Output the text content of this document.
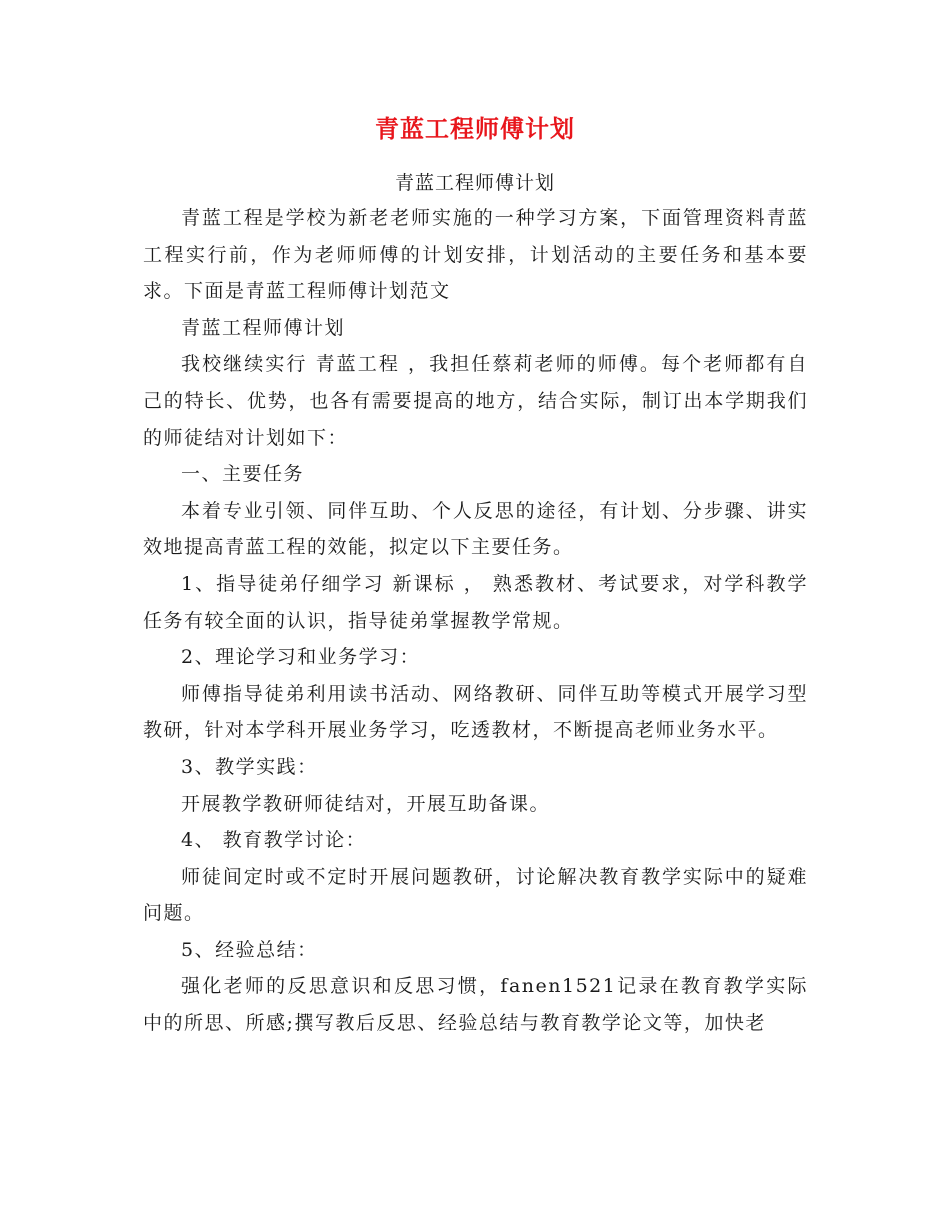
青蓝工程师傅计划
青蓝工程师傅计划

青蓝工程是学校为新老老师实施的一种学习方案，下面管理资料青蓝工程实行前，作为老师师傅的计划安排，计划活动的主要任务和基本要求。下面是青蓝工程师傅计划范文

青蓝工程师傅计划

我校继续实行 青蓝工程 ，我担任蔡莉老师的师傅。每个老师都有自己的特长、优势，也各有需要提高的地方，结合实际，制订出本学期我们的师徒结对计划如下：

一、主要任务

本着专业引领、同伴互助、个人反思的途径，有计划、分步骤、讲实效地提高青蓝工程的效能，拟定以下主要任务。

1、指导徒弟仔细学习 新课标 ， 熟悉教材、考试要求，对学科教学任务有较全面的认识，指导徒弟掌握教学常规。

2、理论学习和业务学习：

师傅指导徒弟利用读书活动、网络教研、同伴互助等模式开展学习型教研，针对本学科开展业务学习，吃透教材，不断提高老师业务水平。

3、教学实践：

开展教学教研师徒结对，开展互助备课。

4、 教育教学讨论：

师徒间定时或不定时开展问题教研，讨论解决教育教学实际中的疑难问题。

5、经验总结：

强化老师的反思意识和反思习惯，fanen1521记录在教育教学实际中的所思、所感;撰写教后反思、经验总结与教育教学论文等，加快老
